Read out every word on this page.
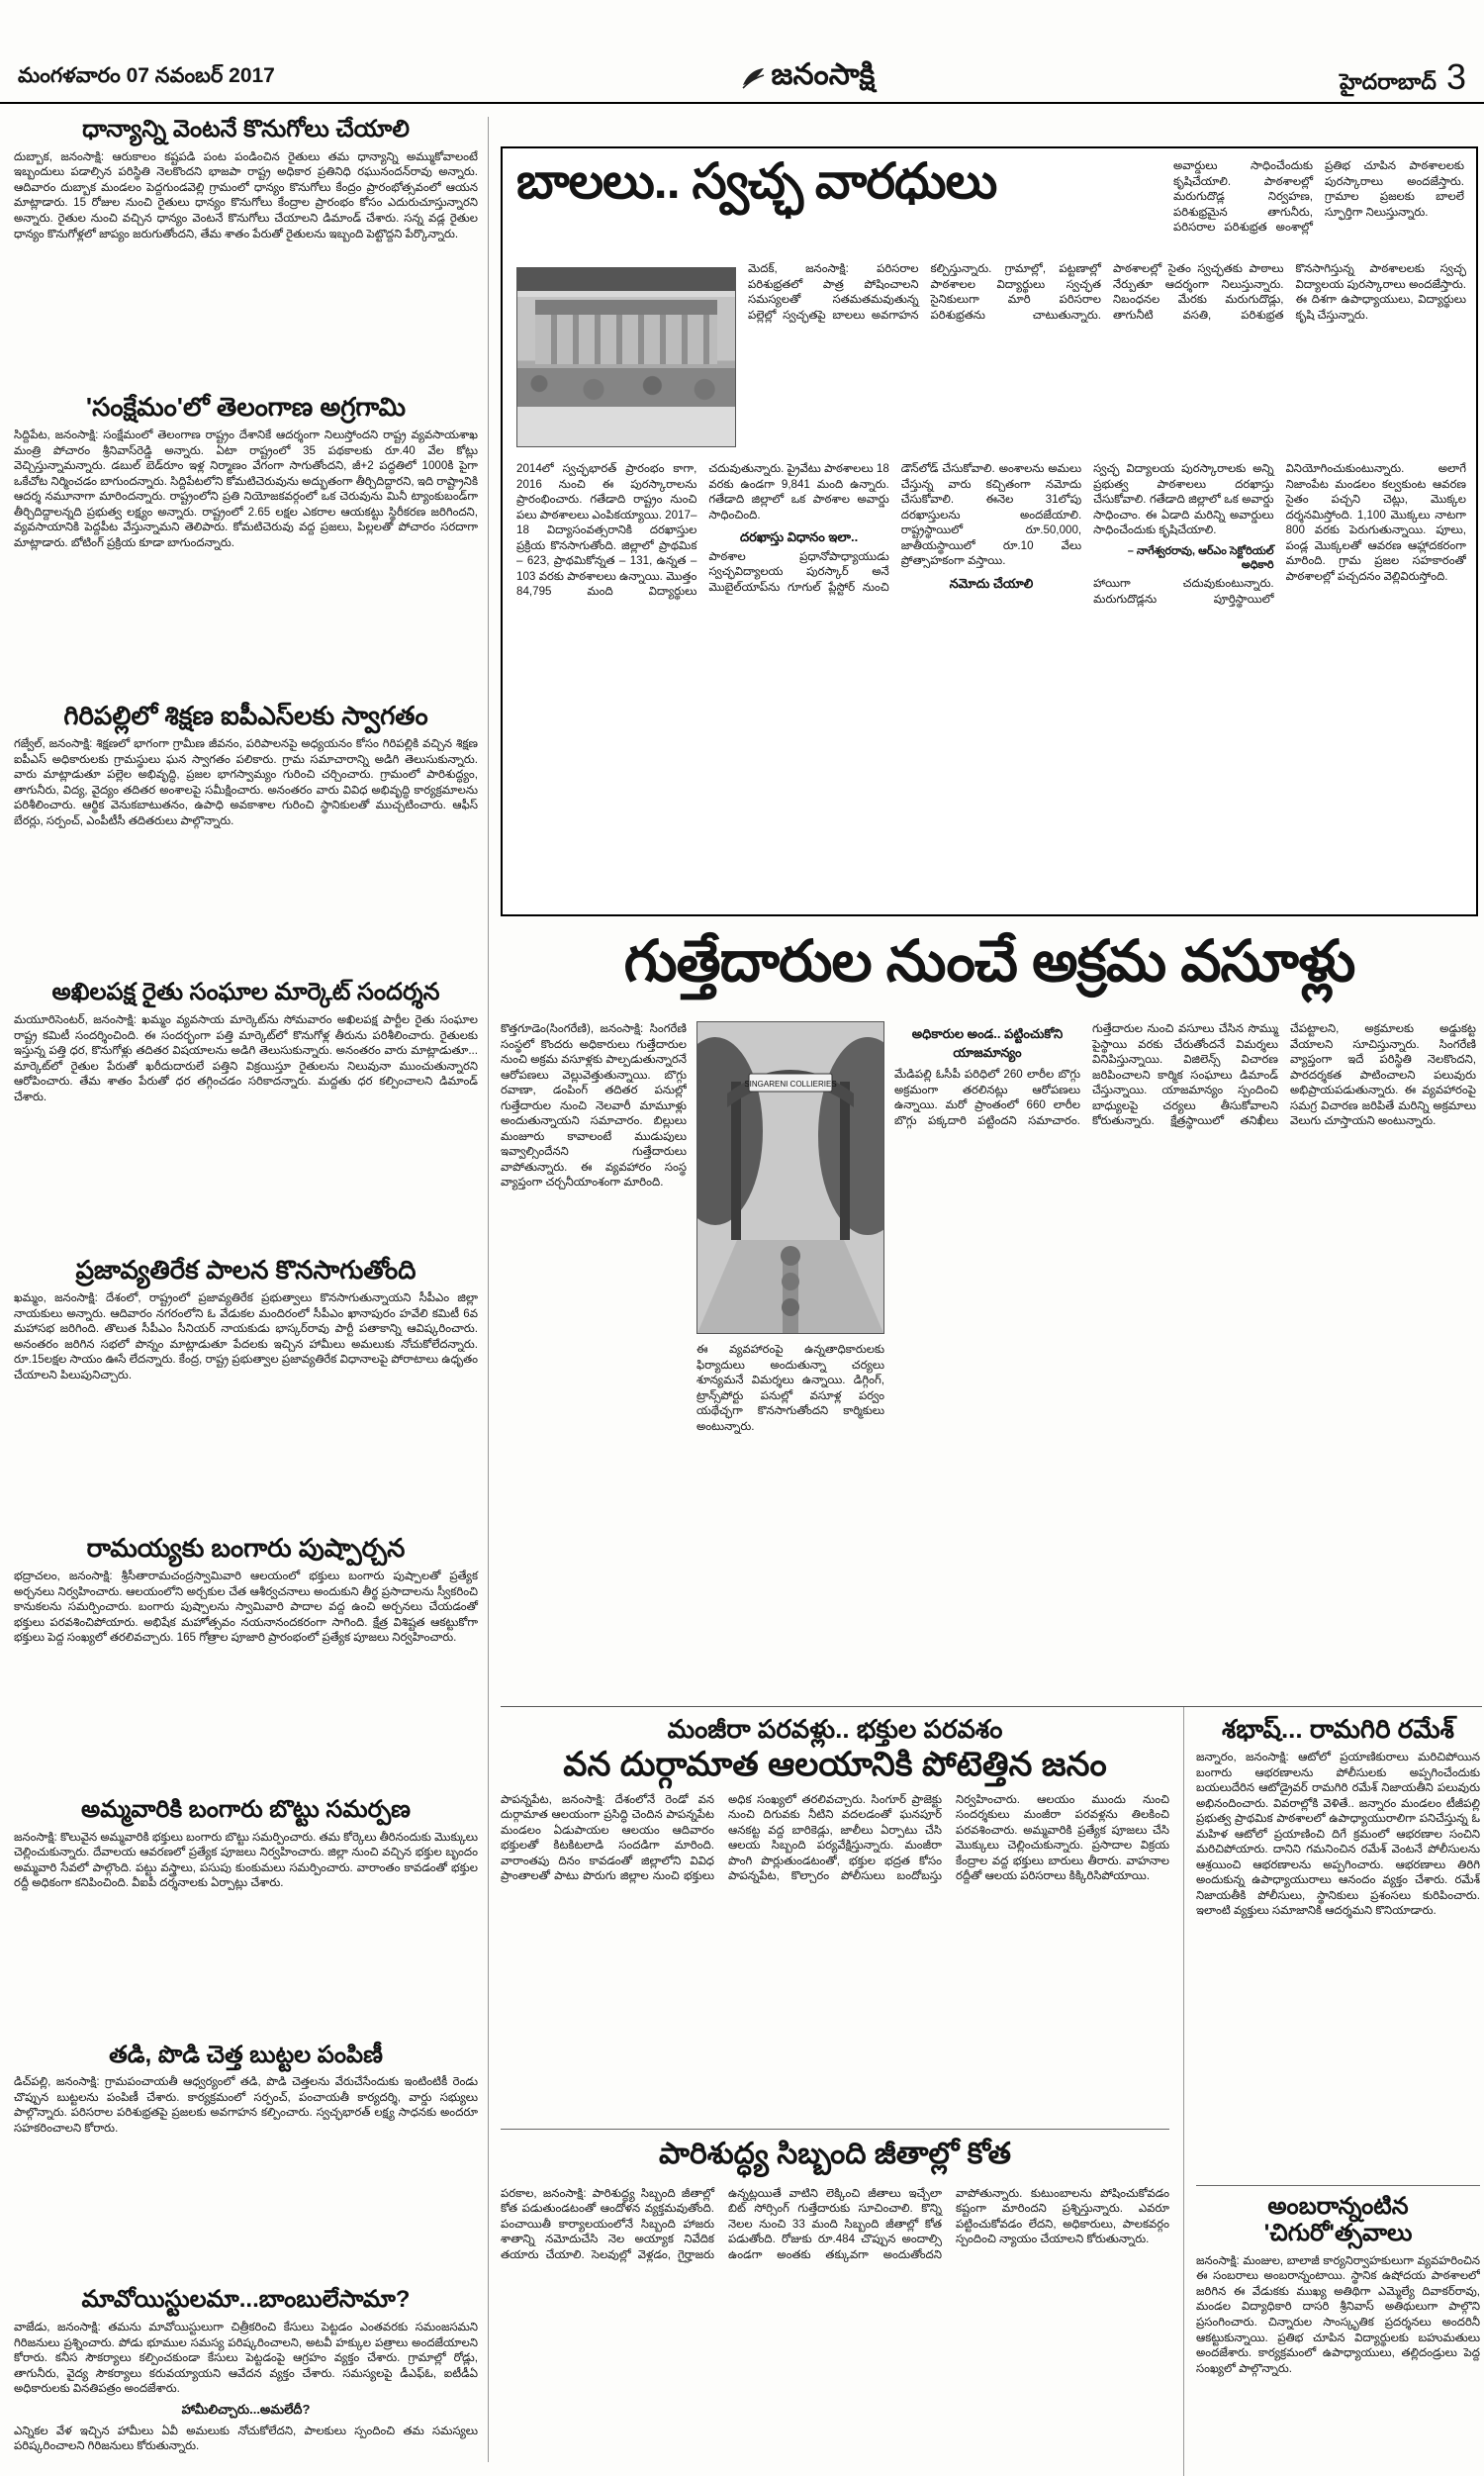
మంగళవారం 07 నవంబర్ 2017	జనంసాక్షి	హైదరాబాద్ 3
ధాన్యాన్ని వెంటనే కొనుగోలు చేయాలి
దుబ్బాక, జనంసాక్షి: ఆరుకాలం కష్టపడి పంట పండించిన రైతులు తమ ధాన్యాన్ని అమ్ముకోవాలంటే ఇబ్బందులు పడాల్సిన పరిస్థితి నెలకొందని భాజపా రాష్ట్ర అధికార ప్రతినిధి రఘునందన్‌రావు అన్నారు. ఆదివారం దుబ్బాక మండలం పెద్దగుండవెల్లి గ్రామంలో ధాన్యం కొనుగోలు కేంద్రం ప్రారంభోత్సవంలో ఆయన మాట్లాడారు. 15 రోజుల నుంచి రైతులు ధాన్యం కొనుగోలు కేంద్రాల ప్రారంభం కోసం ఎదురుచూస్తున్నారని అన్నారు. రైతుల నుంచి వచ్చిన ధాన్యం వెంటనే కొనుగోలు చేయాలని డిమాండ్ చేశారు. సన్న వడ్ల రైతుల ధాన్యం కొనుగోళ్లలో జాప్యం జరుగుతోందని, తేమ శాతం పేరుతో రైతులను ఇబ్బంది పెట్టొద్దని పేర్కొన్నారు.
'సంక్షేమం'లో తెలంగాణ అగ్రగామి
సిద్దిపేట, జనంసాక్షి: సంక్షేమంలో తెలంగాణ రాష్ట్రం దేశానికే ఆదర్శంగా నిలుస్తోందని రాష్ట్ర వ్యవసాయశాఖ మంత్రి పోచారం శ్రీనివాస్‌రెడ్డి అన్నారు. ఏటా రాష్ట్రంలో 35 పథకాలకు రూ.40 వేల కోట్లు వెచ్చిస్తున్నామన్నారు. డబుల్ బెడ్‌రూం ఇళ్ల నిర్మాణం వేగంగా సాగుతోందని, జీ+2 పద్ధతిలో 1000కి పైగా ఒకేచోట నిర్మించడం బాగుందన్నారు. సిద్దిపేటలోని కోమటిచెరువును అద్భుతంగా తీర్చిదిద్దారని, ఇది రాష్ట్రానికి ఆదర్శ నమూనాగా మారిందన్నారు. రాష్ట్రంలోని ప్రతి నియోజకవర్గంలో ఒక చెరువును మినీ ట్యాంకుబండ్‌గా తీర్చిదిద్దాలన్నది ప్రభుత్వ లక్ష్యం అన్నారు. రాష్ట్రంలో 2.65 లక్షల ఎకరాల ఆయకట్టు స్థిరీకరణ జరిగిందని, వ్యవసాయానికి పెద్దపీట వేస్తున్నామని తెలిపారు. కోమటిచెరువు వద్ద ప్రజలు, పిల్లలతో పోచారం సరదాగా మాట్లాడారు. బోటింగ్ ప్రక్రియ కూడా బాగుందన్నారు.
గిరిపల్లిలో శిక్షణ ఐపీఎస్‌లకు స్వాగతం
గజ్వేల్, జనంసాక్షి: శిక్షణలో భాగంగా గ్రామీణ జీవనం, పరిపాలనపై అధ్యయనం కోసం గిరిపల్లికి వచ్చిన శిక్షణ ఐపీఎస్ అధికారులకు గ్రామస్థులు ఘన స్వాగతం పలికారు. గ్రామ సమాచారాన్ని అడిగి తెలుసుకున్నారు. వారు మాట్లాడుతూ పల్లెల అభివృద్ధి, ప్రజల భాగస్వామ్యం గురించి చర్చించారు. గ్రామంలో పారిశుద్ధ్యం, తాగునీరు, విద్య, వైద్యం తదితర అంశాలపై సమీక్షించారు. అనంతరం వారు వివిధ అభివృద్ధి కార్యక్రమాలను పరిశీలించారు. ఆర్థిక వెనుకబాటుతనం, ఉపాధి అవకాశాల గురించి స్థానికులతో ముచ్చటించారు. ఆఫీస్ బేరర్లు, సర్పంచ్, ఎంపీటీసీ తదితరులు పాల్గొన్నారు.
అఖిలపక్ష రైతు సంఘాల మార్కెట్ సందర్శన
మయూరిసెంటర్, జనంసాక్షి: ఖమ్మం వ్యవసాయ మార్కెట్‌ను సోమవారం అఖిలపక్ష పార్టీల రైతు సంఘాల రాష్ట్ర కమిటీ సందర్శించింది. ఈ సందర్భంగా పత్తి మార్కెట్‌లో కొనుగోళ్ల తీరును పరిశీలించారు. రైతులకు ఇస్తున్న పత్తి ధర, కొనుగోళ్లు తదితర విషయాలను అడిగి తెలుసుకున్నారు. అనంతరం వారు మాట్లాడుతూ... మార్కెట్‌లో రైతుల పేరుతో ఖరీదుదారులే పత్తిని విక్రయిస్తూ రైతులను నిలువునా ముంచుతున్నారని ఆరోపించారు. తేమ శాతం పేరుతో ధర తగ్గించడం సరికాదన్నారు. మద్దతు ధర కల్పించాలని డిమాండ్ చేశారు.
ప్రజావ్యతిరేక పాలన కొనసాగుతోంది
ఖమ్మం, జనంసాక్షి: దేశంలో, రాష్ట్రంలో ప్రజావ్యతిరేక ప్రభుత్వాలు కొనసాగుతున్నాయని సీపీఎం జిల్లా నాయకులు అన్నారు. ఆదివారం నగరంలోని ఓ వేడుకల మందిరంలో సీపీఎం ఖానాపురం హవేలి కమిటీ 6వ మహాసభ జరిగింది. తొలుత సీపీఎం సీనియర్ నాయకుడు భాస్కర్‌రావు పార్టీ పతాకాన్ని ఆవిష్కరించారు. అనంతరం జరిగిన సభలో పొన్నం మాట్లాడుతూ పేదలకు ఇచ్చిన హామీలు అమలుకు నోచుకోలేదన్నారు. రూ.15లక్షల సాయం ఊసే లేదన్నారు. కేంద్ర, రాష్ట్ర ప్రభుత్వాల ప్రజావ్యతిరేక విధానాలపై పోరాటాలు ఉధృతం చేయాలని పిలుపునిచ్చారు.
రామయ్యకు బంగారు పుష్పార్చన
భద్రాచలం, జనంసాక్షి: శ్రీసీతారామచంద్రస్వామివారి ఆలయంలో భక్తులు బంగారు పుష్పాలతో ప్రత్యేక అర్చనలు నిర్వహించారు. ఆలయంలోని అర్చకుల చేత ఆశీర్వచనాలు అందుకుని తీర్థ ప్రసాదాలను స్వీకరించి కానుకలను సమర్పించారు. బంగారు పుష్పాలను స్వామివారి పాదాల వద్ద ఉంచి అర్చనలు చేయడంతో భక్తులు పరవశించిపోయారు. అభిషేక మహోత్సవం నయనానందకరంగా సాగింది. క్షేత్ర విశిష్టత ఆకట్టుకోగా భక్తులు పెద్ద సంఖ్యలో తరలివచ్చారు. 165 గోత్రాల పూజారి ప్రారంభంలో ప్రత్యేక పూజలు నిర్వహించారు.
అమ్మవారికి బంగారు బొట్టు సమర్పణ
జనంసాక్షి: కొలువైన అమ్మవారికి భక్తులు బంగారు బొట్టు సమర్పించారు. తమ కోర్కెలు తీరినందుకు మొక్కులు చెల్లించుకున్నారు. దేవాలయ ఆవరణలో ప్రత్యేక పూజలు నిర్వహించారు. జిల్లా నుంచి వచ్చిన భక్తుల బృందం అమ్మవారి సేవలో పాల్గొంది. పట్టు వస్త్రాలు, పసుపు కుంకుమలు సమర్పించారు. వారాంతం కావడంతో భక్తుల రద్దీ అధికంగా కనిపించింది. వీఐపీ దర్శనాలకు ఏర్పాట్లు చేశారు.
తడి, పొడి చెత్త బుట్టల పంపిణీ
డిచ్‌పల్లి, జనంసాక్షి: గ్రామపంచాయతీ ఆధ్వర్యంలో తడి, పొడి చెత్తలను వేరుచేసేందుకు ఇంటింటికీ రెండు చొప్పున బుట్టలను పంపిణీ చేశారు. కార్యక్రమంలో సర్పంచ్, పంచాయతీ కార్యదర్శి, వార్డు సభ్యులు పాల్గొన్నారు. పరిసరాల పరిశుభ్రతపై ప్రజలకు అవగాహన కల్పించారు. స్వచ్ఛభారత్ లక్ష్య సాధనకు అందరూ సహకరించాలని కోరారు.
మావోయిస్టులమా...బాంబులేసామా?
వాజేడు, జనంసాక్షి: తమను మావోయిస్టులుగా చిత్రీకరించి కేసులు పెట్టడం ఎంతవరకు సమంజసమని గిరిజనులు ప్రశ్నించారు. పోడు భూముల సమస్య పరిష్కరించాలని, అటవీ హక్కుల పత్రాలు అందజేయాలని కోరారు. కనీస సౌకర్యాలు కల్పించకుండా కేసులు పెట్టడంపై ఆగ్రహం వ్యక్తం చేశారు. గ్రామాల్లో రోడ్లు, తాగునీరు, వైద్య సౌకర్యాలు కరువయ్యాయని ఆవేదన వ్యక్తం చేశారు. సమస్యలపై డీఎఫ్ఓ, ఐటీడీఏ అధికారులకు వినతిపత్రం అందజేశారు.
హామీలిచ్చారు...అమలేదీ?
ఎన్నికల వేళ ఇచ్చిన హామీలు ఏవీ అమలుకు నోచుకోలేదని, పాలకులు స్పందించి తమ సమస్యలు పరిష్కరించాలని గిరిజనులు కోరుతున్నారు.
బాలలు.. స్వచ్ఛ వారధులు	అవార్డులు సాధించేందుకు కృషిచేయాలి. పాఠశాలల్లో మరుగుదొడ్ల నిర్వహణ, పరిశుభ్రమైన తాగునీరు, పరిసరాల పరిశుభ్రత అంశాల్లో ప్రతిభ చూపిన పాఠశాలలకు పురస్కారాలు అందజేస్తారు. గ్రామాల ప్రజలకు బాలలే స్ఫూర్తిగా నిలుస్తున్నారు.
మెదక్, జనంసాక్షి: పరిసరాల పరిశుభ్రతలో పాత్ర పోషించాలని సమస్యలతో సతమతమవుతున్న పల్లెల్లో స్వచ్ఛతపై బాలలు అవగాహన కల్పిస్తున్నారు. గ్రామాల్లో, పట్టణాల్లో పాఠశాలల విద్యార్థులు స్వచ్ఛత సైనికులుగా మారి పరిసరాల పరిశుభ్రతను చాటుతున్నారు. పాఠశాలల్లో సైతం స్వచ్ఛతకు పాఠాలు నేర్పుతూ ఆదర్శంగా నిలుస్తున్నారు. నిబంధనల మేరకు మరుగుదొడ్లు, తాగునీటి వసతి, పరిశుభ్రత కొనసాగిస్తున్న పాఠశాలలకు స్వచ్ఛ విద్యాలయ పురస్కారాలు అందజేస్తారు. ఈ దిశగా ఉపాధ్యాయులు, విద్యార్థులు కృషి చేస్తున్నారు.

2014లో స్వచ్ఛభారత్ ప్రారంభం కాగా, 2016 నుంచి ఈ పురస్కారాలను ప్రారంభించారు. గతేడాది రాష్ట్రం నుంచి పలు పాఠశాలలు ఎంపికయ్యాయి. 2017–18 విద్యాసంవత్సరానికి దరఖాస్తుల ప్రక్రియ కొనసాగుతోంది. జిల్లాలో ప్రాథమిక – 623, ప్రాథమికోన్నత – 131, ఉన్నత – 103 వరకు పాఠశాలలు ఉన్నాయి. మొత్తం 84,795 మంది విద్యార్థులు చదువుతున్నారు. ప్రైవేటు పాఠశాలలు 18 వరకు ఉండగా 9,841 మంది ఉన్నారు. గతేడాది జిల్లాలో ఒక పాఠశాల అవార్డు సాధించింది.

దరఖాస్తు విధానం ఇలా..

పాఠశాల ప్రధానోపాధ్యాయుడు స్వచ్ఛవిద్యాలయ పురస్కార్ అనే మొబైల్‌యాప్‌ను గూగుల్ ప్లేస్టోర్ నుంచి డౌన్‌లోడ్ చేసుకోవాలి. అంశాలను అమలు చేస్తున్న వారు కచ్చితంగా నమోదు చేసుకోవాలి. ఈనెల 31లోపు దరఖాస్తులను అందజేయాలి. రాష్ట్రస్థాయిలో రూ.50,000, జాతీయస్థాయిలో రూ.10 వేలు ప్రోత్సాహకంగా వస్తాయి.

నమోదు చేయాలి

స్వచ్ఛ విద్యాలయ పురస్కారాలకు అన్ని ప్రభుత్వ పాఠశాలలు దరఖాస్తు చేసుకోవాలి. గతేడాది జిల్లాలో ఒక అవార్డు సాధించాం. ఈ ఏడాది మరిన్ని అవార్డులు సాధించేందుకు కృషిచేయాలి.

– నాగేశ్వరరావు, ఆర్‌ఎం సెక్టోరియల్ అధికారి

హాయిగా చదువుకుంటున్నారు. మరుగుదొడ్లను పూర్తిస్థాయిలో వినియోగించుకుంటున్నారు. అలాగే నిజాంపేట మండలం కల్వకుంట ఆవరణ సైతం పచ్చని చెట్లు, మొక్కల దర్శనమిస్తోంది. 1,100 మొక్కలు నాటగా 800 వరకు పెరుగుతున్నాయి. పూలు, పండ్ల మొక్కలతో ఆవరణ ఆహ్లాదకరంగా మారింది. గ్రామ ప్రజల సహకారంతో పాఠశాలల్లో పచ్చదనం వెల్లివిరుస్తోంది.

గుత్తేదారుల నుంచే అక్రమ వసూళ్లు
కొత్తగూడెం(సింగరేణి), జనంసాక్షి: సింగరేణి సంస్థలో కొందరు అధికారులు గుత్తేదారుల నుంచి అక్రమ వసూళ్లకు పాల్పడుతున్నారనే ఆరోపణలు వెల్లువెత్తుతున్నాయి. బొగ్గు రవాణా, డంపింగ్ తదితర పనుల్లో గుత్తేదారుల నుంచి నెలవారీ మామూళ్లు అందుతున్నాయని సమాచారం. బిల్లులు మంజూరు కావాలంటే ముడుపులు ఇవ్వాల్సిందేనని గుత్తేదారులు వాపోతున్నారు. ఈ వ్యవహారం సంస్థ వ్యాప్తంగా చర్చనీయాంశంగా మారింది.
SINGARENI COLLIERIES
ఈ వ్యవహారంపై ఉన్నతాధికారులకు ఫిర్యాదులు అందుతున్నా చర్యలు శూన్యమనే విమర్శలు ఉన్నాయి. డిగ్గింగ్, ట్రాన్స్‌పోర్టు పనుల్లో వసూళ్ల పర్వం యథేచ్ఛగా కొనసాగుతోందని కార్మికులు అంటున్నారు.
అధికారుల అండ.. పట్టించుకోని యాజమాన్యం
మేడిపల్లి ఓసీపీ పరిధిలో 260 లారీల బొగ్గు అక్రమంగా తరలినట్లు ఆరోపణలు ఉన్నాయి. మరో ప్రాంతంలో 660 లారీల బొగ్గు పక్కదారి పట్టిందని సమాచారం. గుత్తేదారుల నుంచి వసూలు చేసిన సొమ్ము పైస్థాయి వరకు చేరుతోందనే విమర్శలు వినిపిస్తున్నాయి. విజిలెన్స్ విచారణ జరిపించాలని కార్మిక సంఘాలు డిమాండ్ చేస్తున్నాయి. యాజమాన్యం స్పందించి బాధ్యులపై చర్యలు తీసుకోవాలని కోరుతున్నారు. క్షేత్రస్థాయిలో తనిఖీలు చేపట్టాలని, అక్రమాలకు అడ్డుకట్ట వేయాలని సూచిస్తున్నారు. సింగరేణి వ్యాప్తంగా ఇదే పరిస్థితి నెలకొందని, పారదర్శకత పాటించాలని పలువురు అభిప్రాయపడుతున్నారు. ఈ వ్యవహారంపై సమగ్ర విచారణ జరిపితే మరిన్ని అక్రమాలు వెలుగు చూస్తాయని అంటున్నారు.
మంజీరా పరవళ్లు.. భక్తుల పరవశం
వన దుర్గామాత ఆలయానికి పోటెత్తిన జనం
పాపన్నపేట, జనంసాక్షి: దేశంలోనే రెండో వన దుర్గామాత ఆలయంగా ప్రసిద్ధి చెందిన పాపన్నపేట మండలం ఏడుపాయల ఆలయం ఆదివారం భక్తులతో కిటకిటలాడి సందడిగా మారింది. వారాంతపు దినం కావడంతో జిల్లాలోని వివిధ ప్రాంతాలతో పాటు పొరుగు జిల్లాల నుంచి భక్తులు అధిక సంఖ్యలో తరలివచ్చారు. సింగూర్ ప్రాజెక్టు నుంచి దిగువకు నీటిని వదలడంతో ఘనపూర్ ఆనకట్ట వద్ద బారికెడ్లు, జాలీలు ఏర్పాటు చేసి ఆలయ సిబ్బంది పర్యవేక్షిస్తున్నారు. మంజీరా పొంగి పొర్లుతుండటంతో, భక్తుల భద్రత కోసం పాపన్నపేట, కొల్చారం పోలీసులు బందోబస్తు నిర్వహించారు. ఆలయం ముందు నుంచి సందర్శకులు మంజీరా పరవళ్లను తిలకించి పరవశించారు. అమ్మవారికి ప్రత్యేక పూజలు చేసి మొక్కులు చెల్లించుకున్నారు. ప్రసాదాల విక్రయ కేంద్రాల వద్ద భక్తులు బారులు తీరారు. వాహనాల రద్దీతో ఆలయ పరిసరాలు కిక్కిరిసిపోయాయి.
పారిశుద్ధ్య సిబ్బంది జీతాల్లో కోత
పరకాల, జనంసాక్షి: పారిశుద్ధ్య సిబ్బంది జీతాల్లో కోత పడుతుండటంతో ఆందోళన వ్యక్తమవుతోంది. పంచాయితీ కార్యాలయంలోనే సిబ్బంది హాజరు శాతాన్ని నమోదుచేసి నెల అయ్యాక నివేదిక తయారు చేయాలి. సెలవుల్లో వెళ్లడం, గైర్హాజరు ఉన్నట్లయితే వాటిని లెక్కించి జీతాలు ఇచ్చేలా బిట్ సోర్సింగ్ గుత్తేదారుకు సూచించాలి. కొన్ని నెలల నుంచి 33 మంది సిబ్బంది జీతాల్లో కోత పడుతోంది. రోజుకు రూ.484 చొప్పున అందాల్సి ఉండగా అంతకు తక్కువగా అందుతోందని వాపోతున్నారు. కుటుంబాలను పోషించుకోవడం కష్టంగా మారిందని ప్రశ్నిస్తున్నారు. ఎవరూ పట్టించుకోవడం లేదని, అధికారులు, పాలకవర్గం స్పందించి న్యాయం చేయాలని కోరుతున్నారు.
శభాష్... రామగిరి రమేశ్
జన్నారం, జనంసాక్షి: ఆటోలో ప్రయాణికురాలు మరిచిపోయిన బంగారు ఆభరణాలను పోలీసులకు అప్పగించేందుకు బయలుదేరిన ఆటోడ్రైవర్ రామగిరి రమేశ్ నిజాయతీని పలువురు అభినందించారు. వివరాల్లోకి వెళితే.. జన్నారం మండలం టీజీపల్లి ప్రభుత్వ ప్రాథమిక పాఠశాలలో ఉపాధ్యాయురాలిగా పనిచేస్తున్న ఓ మహిళ ఆటోలో ప్రయాణించి దిగే క్రమంలో ఆభరణాల సంచిని మరిచిపోయారు. దానిని గమనించిన రమేశ్ వెంటనే పోలీసులను ఆశ్రయించి ఆభరణాలను అప్పగించారు. ఆభరణాలు తిరిగి అందుకున్న ఉపాధ్యాయురాలు ఆనందం వ్యక్తం చేశారు. రమేశ్ నిజాయతీకి పోలీసులు, స్థానికులు ప్రశంసలు కురిపించారు. ఇలాంటి వ్యక్తులు సమాజానికి ఆదర్శమని కొనియాడారు.
అంబరాన్నంటిన 'చిగురో'త్సవాలు
జనంసాక్షి: మంజుల, బాలాజీ కార్యనిర్వాహకులుగా వ్యవహరించిన ఈ సంబరాలు అంబరాన్నంటాయి. స్థానిక ఉషోదయ పాఠశాలలో జరిగిన ఈ వేడుకకు ముఖ్య అతిథిగా ఎమ్మెల్యే దివాకర్‌రావు, మండల విద్యాధికారి దాసరి శ్రీనివాస్ అతిథులుగా పాల్గొని ప్రసంగించారు. చిన్నారుల సాంస్కృతిక ప్రదర్శనలు అందరినీ ఆకట్టుకున్నాయి. ప్రతిభ చూపిన విద్యార్థులకు బహుమతులు అందజేశారు. కార్యక్రమంలో ఉపాధ్యాయులు, తల్లిదండ్రులు పెద్ద సంఖ్యలో పాల్గొన్నారు.
